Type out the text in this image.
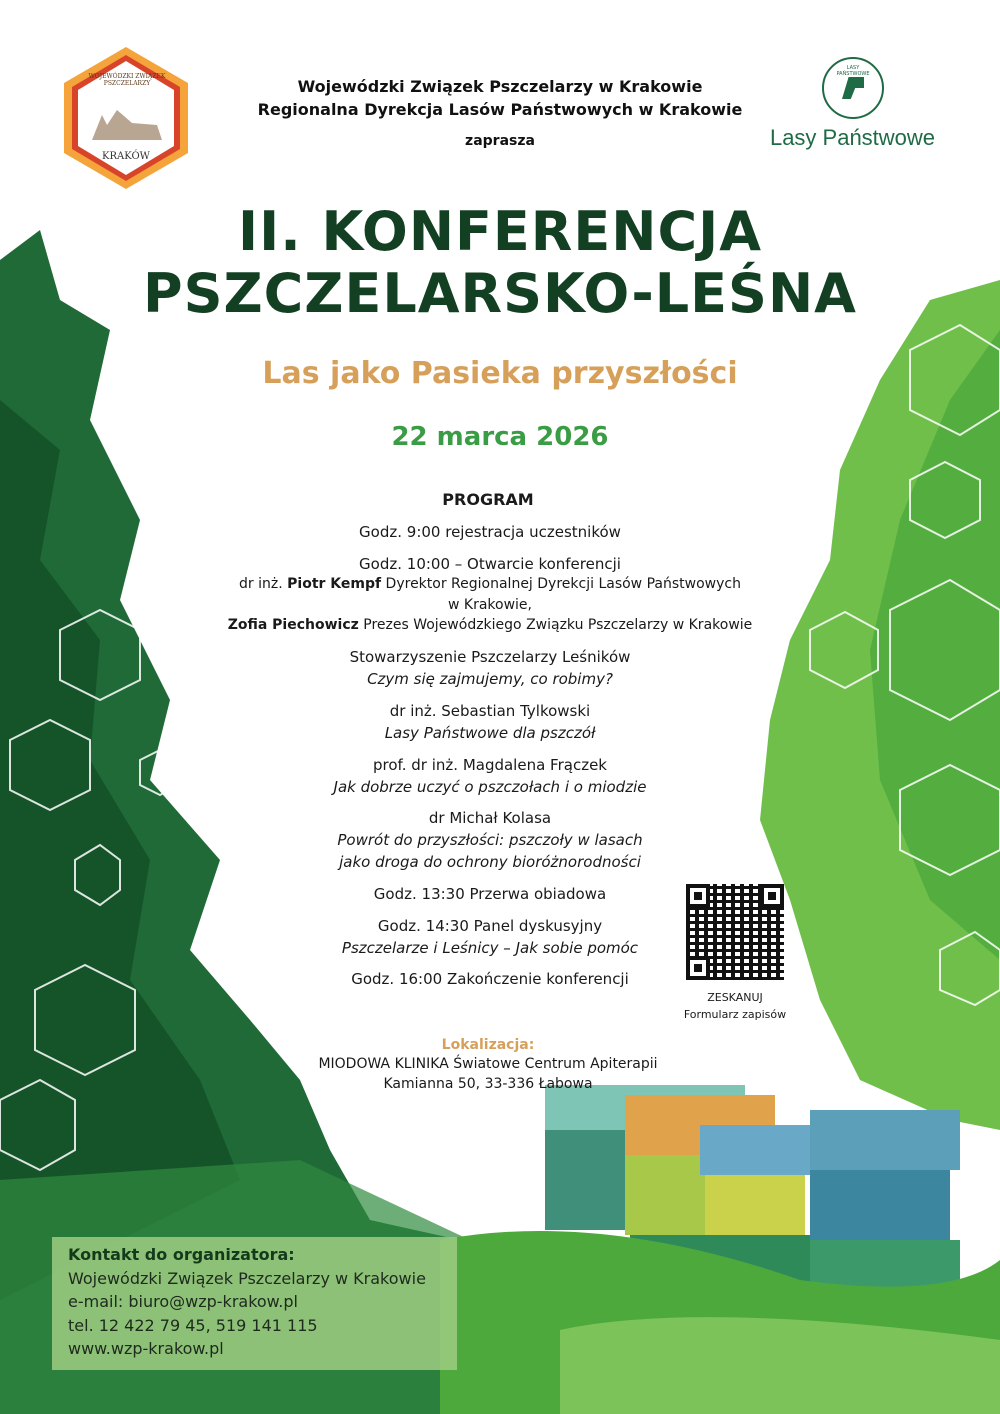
WOJEWÓDZKI ZWIĄZEK PSZCZELARZY
KRAKÓW
LASY PAŃSTWOWE
Lasy Państwowe
Wojewódzki Związek Pszczelarzy w Krakowie
Regionalna Dyrekcja Lasów Państwowych w Krakowie
zaprasza
II. KONFERENCJA
PSZCZELARSKO-LEŚNA
Las jako Pasieka przyszłości
22 marca 2026
PROGRAM
Godz. 9:00 rejestracja uczestników
Godz. 10:00 – Otwarcie konferencji
dr inż. Piotr Kempf Dyrektor Regionalnej Dyrekcji Lasów Państwowych
w Krakowie,
Zofia Piechowicz Prezes Wojewódzkiego Związku Pszczelarzy w Krakowie
Stowarzyszenie Pszczelarzy Leśników
Czym się zajmujemy, co robimy?
dr inż. Sebastian Tylkowski
Lasy Państwowe dla pszczół
prof. dr inż. Magdalena Frączek
Jak dobrze uczyć o pszczołach i o miodzie
dr Michał Kolasa
Powrót do przyszłości: pszczoły w lasach
jako droga do ochrony bioróżnorodności
Godz. 13:30 Przerwa obiadowa
Godz. 14:30 Panel dyskusyjny
Pszczelarze i Leśnicy – Jak sobie pomóc
Godz. 16:00 Zakończenie konferencji
ZESKANUJ
Formularz zapisów
Lokalizacja:
MIODOWA KLINIKA Światowe Centrum Apiterapii
Kamianna 50, 33-336 Łabowa
Kontakt do organizatora:
Wojewódzki Związek Pszczelarzy w Krakowie
e-mail: biuro@wzp-krakow.pl
tel. 12 422 79 45, 519 141 115
www.wzp-krakow.pl
